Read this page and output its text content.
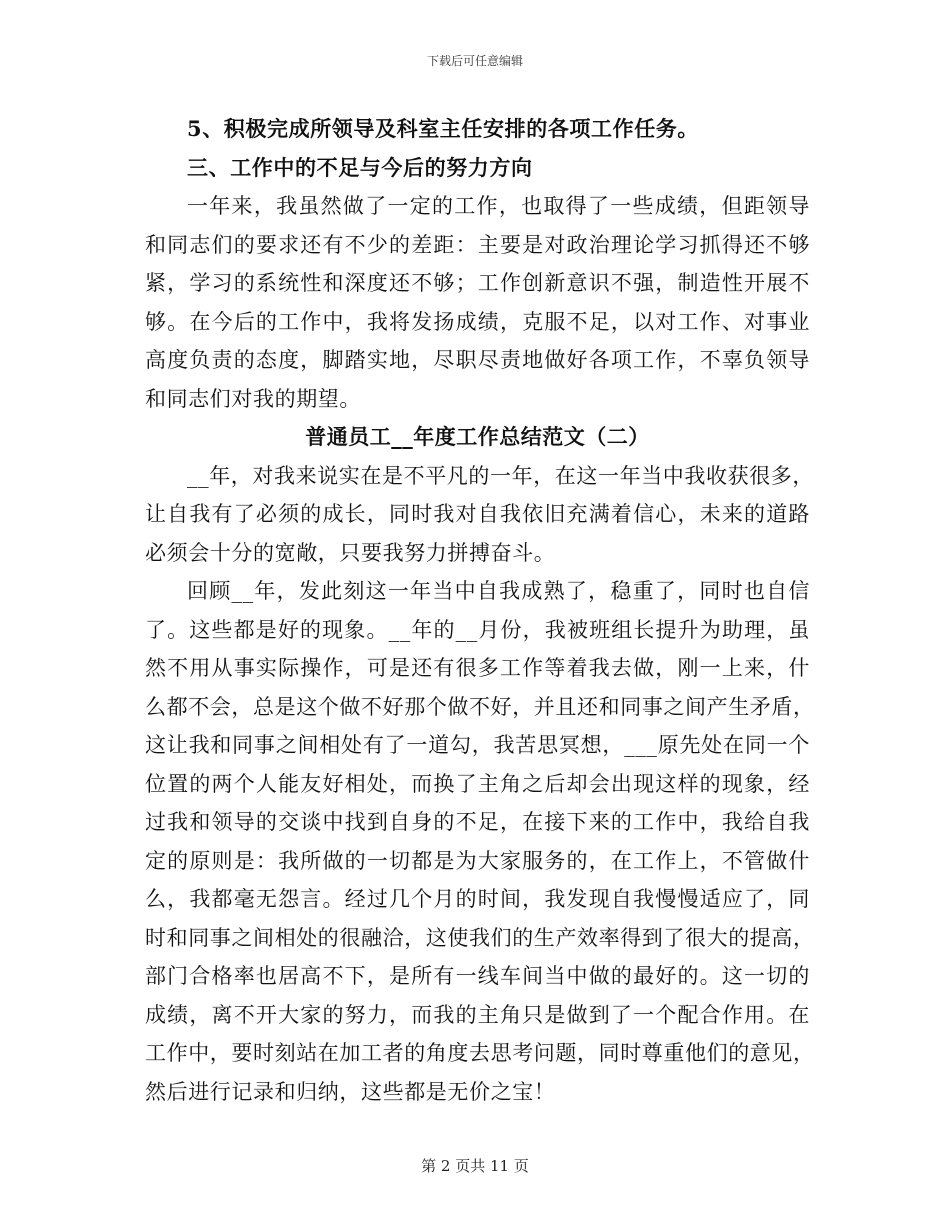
下载后可任意编辑
5、积极完成所领导及科室主任安排的各项工作任务。
三、工作中的不足与今后的努力方向
一年来，我虽然做了一定的工作，也取得了一些成绩，但距领导
和同志们的要求还有不少的差距：主要是对政治理论学习抓得还不够
紧，学习的系统性和深度还不够；工作创新意识不强，制造性开展不
够。在今后的工作中，我将发扬成绩，克服不足，以对工作、对事业
高度负责的态度，脚踏实地，尽职尽责地做好各项工作，不辜负领导
和同志们对我的期望。
普通员工__年度工作总结范文（二）
__年，对我来说实在是不平凡的一年，在这一年当中我收获很多，
让自我有了必须的成长，同时我对自我依旧充满着信心，未来的道路
必须会十分的宽敞，只要我努力拼搏奋斗。
回顾__年，发此刻这一年当中自我成熟了，稳重了，同时也自信
了。这些都是好的现象。__年的__月份，我被班组长提升为助理，虽
然不用从事实际操作，可是还有很多工作等着我去做，刚一上来，什
么都不会，总是这个做不好那个做不好，并且还和同事之间产生矛盾，
这让我和同事之间相处有了一道勾，我苦思冥想，___原先处在同一个
位置的两个人能友好相处，而换了主角之后却会出现这样的现象，经
过我和领导的交谈中找到自身的不足，在接下来的工作中，我给自我
定的原则是：我所做的一切都是为大家服务的，在工作上，不管做什
么，我都毫无怨言。经过几个月的时间，我发现自我慢慢适应了，同
时和同事之间相处的很融洽，这使我们的生产效率得到了很大的提高，
部门合格率也居高不下，是所有一线车间当中做的最好的。这一切的
成绩，离不开大家的努力，而我的主角只是做到了一个配合作用。在
工作中，要时刻站在加工者的角度去思考问题，同时尊重他们的意见，
然后进行记录和归纳，这些都是无价之宝！
第 2 页共 11 页
